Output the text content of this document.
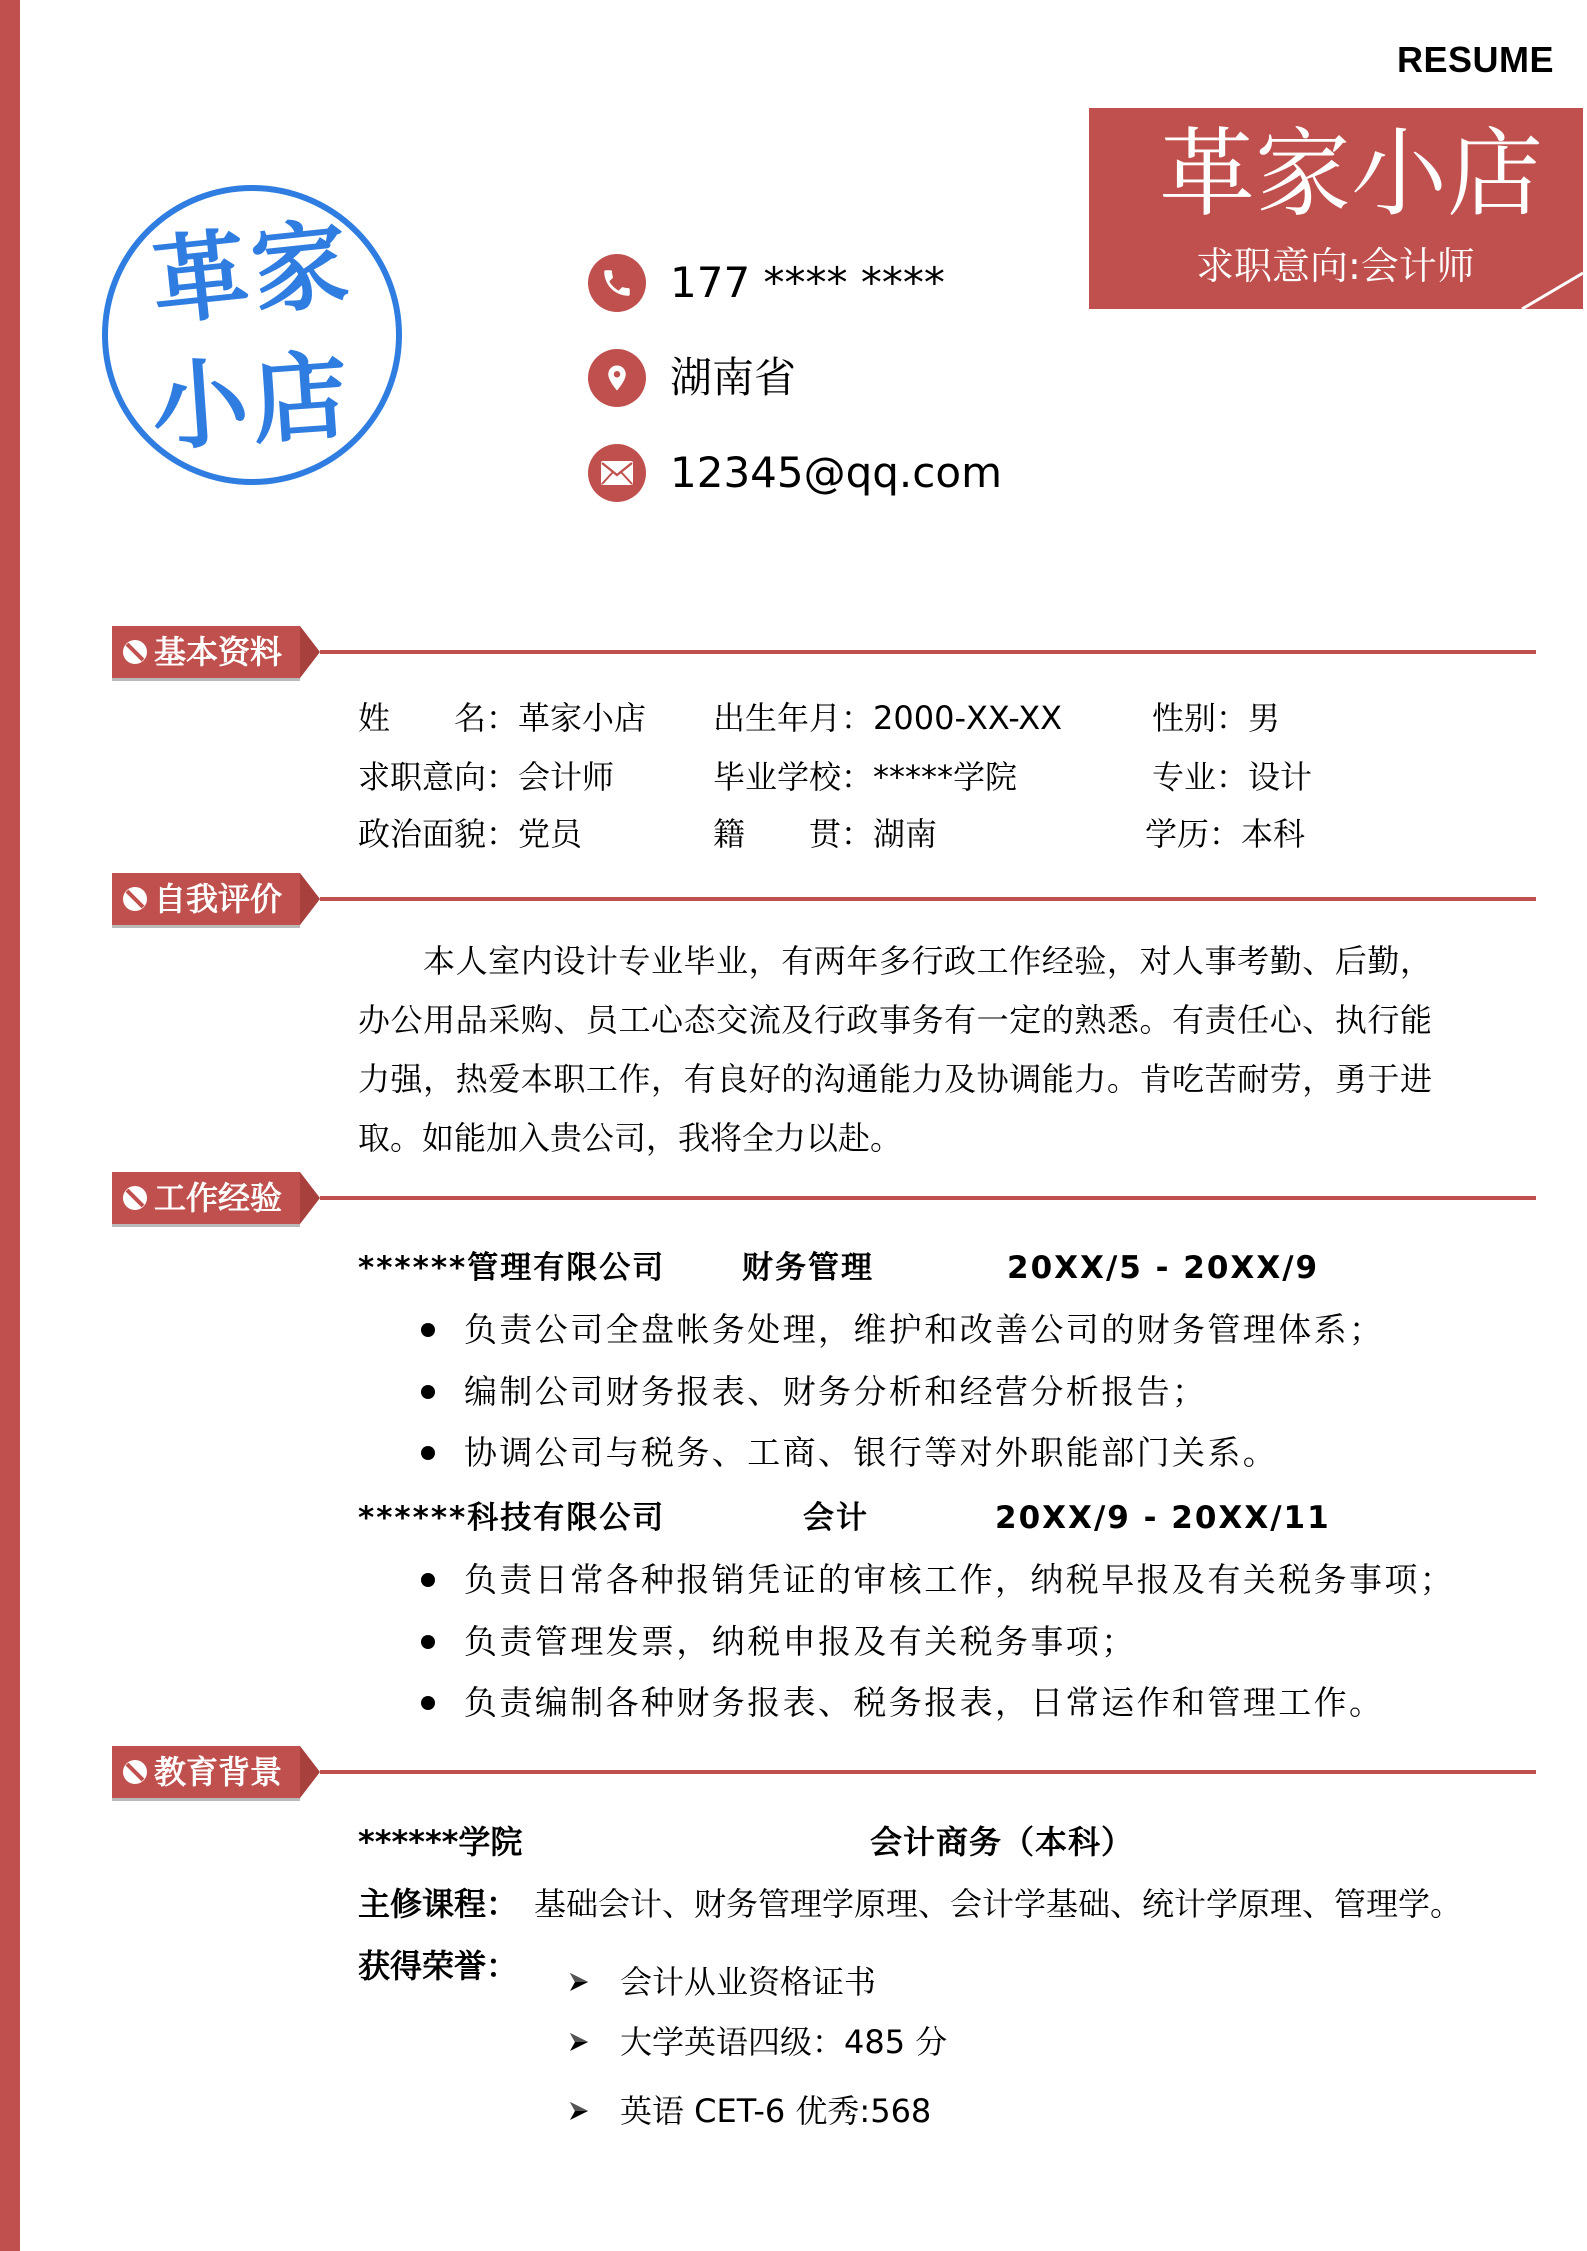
RESUME
革家小店
求职意向:会计师
革家
小店
177 **** ****
湖南省
12345@qq.com
基本资料
姓　　名：革家小店 出生年月：2000-XX-XX	性别：男
求职意向：会计师	毕业学校：*****学院	专业：设计
政治面貌：党员	籍　　贯：湖南	学历：本科
自我评价
本人室内设计专业毕业，有两年多行政工作经验，对人事考勤、后勤，
办公用品采购、员工心态交流及行政事务有一定的熟悉。有责任心、执行能
力强，热爱本职工作，有良好的沟通能力及协调能力。肯吃苦耐劳，勇于进
取。如能加入贵公司，我将全力以赴。
工作经验
******管理有限公司 财务管理	20XX/5 - 20XX/9
负责公司全盘帐务处理，维护和改善公司的财务管理体系；
编制公司财务报表、财务分析和经营分析报告；
协调公司与税务、工商、银行等对外职能部门关系。
******科技有限公司	会计	20XX/9 - 20XX/11
负责日常各种报销凭证的审核工作，纳税早报及有关税务事项；
负责管理发票，纳税申报及有关税务事项；
负责编制各种财务报表、税务报表，日常运作和管理工作。
教育背景
******学院	会计商务（本科）
主修课程： 基础会计、财务管理学原理、会计学基础、统计学原理、管理学。
获得荣誉：	会计从业资格证书
大学英语四级：485 分
英语 CET-6 优秀:568
